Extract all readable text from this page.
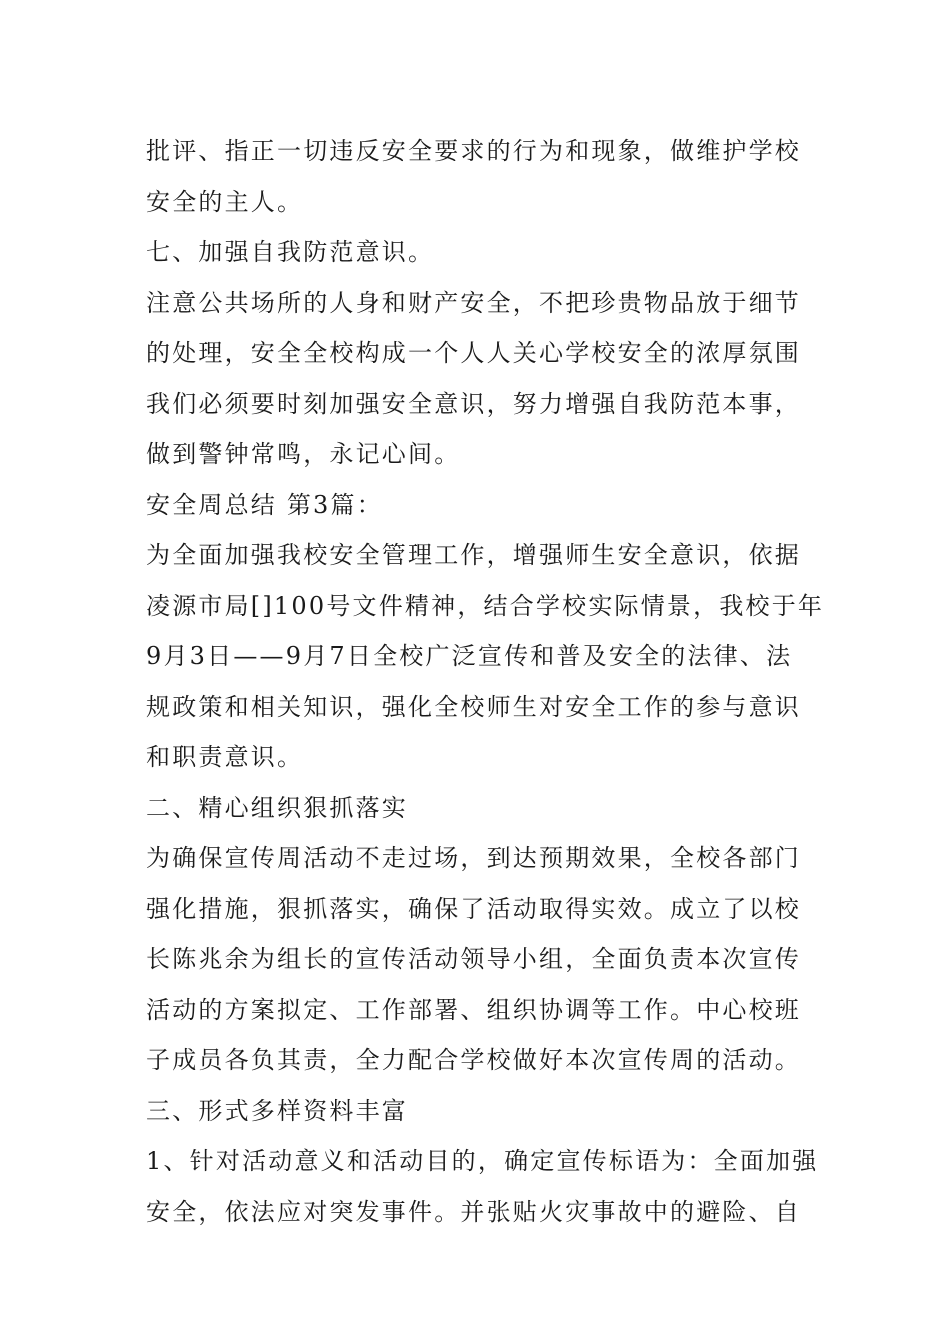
批评、指正一切违反安全要求的行为和现象，做维护学校
安全的主人。
七、加强自我防范意识。
注意公共场所的人身和财产安全，不把珍贵物品放于细节
的处理，安全全校构成一个人人关心学校安全的浓厚氛围
我们必须要时刻加强安全意识，努力增强自我防范本事，
做到警钟常鸣，永记心间。
安全周总结 第3篇：
为全面加强我校安全管理工作，增强师生安全意识，依据
凌源市局[]100号文件精神，结合学校实际情景，我校于年
9月3日——9月7日全校广泛宣传和普及安全的法律、法
规政策和相关知识，强化全校师生对安全工作的参与意识
和职责意识。
二、精心组织狠抓落实
为确保宣传周活动不走过场，到达预期效果，全校各部门
强化措施，狠抓落实，确保了活动取得实效。成立了以校
长陈兆余为组长的宣传活动领导小组，全面负责本次宣传
活动的方案拟定、工作部署、组织协调等工作。中心校班
子成员各负其责，全力配合学校做好本次宣传周的活动。
三、形式多样资料丰富
1、针对活动意义和活动目的，确定宣传标语为：全面加强
安全，依法应对突发事件。并张贴火灾事故中的避险、自
